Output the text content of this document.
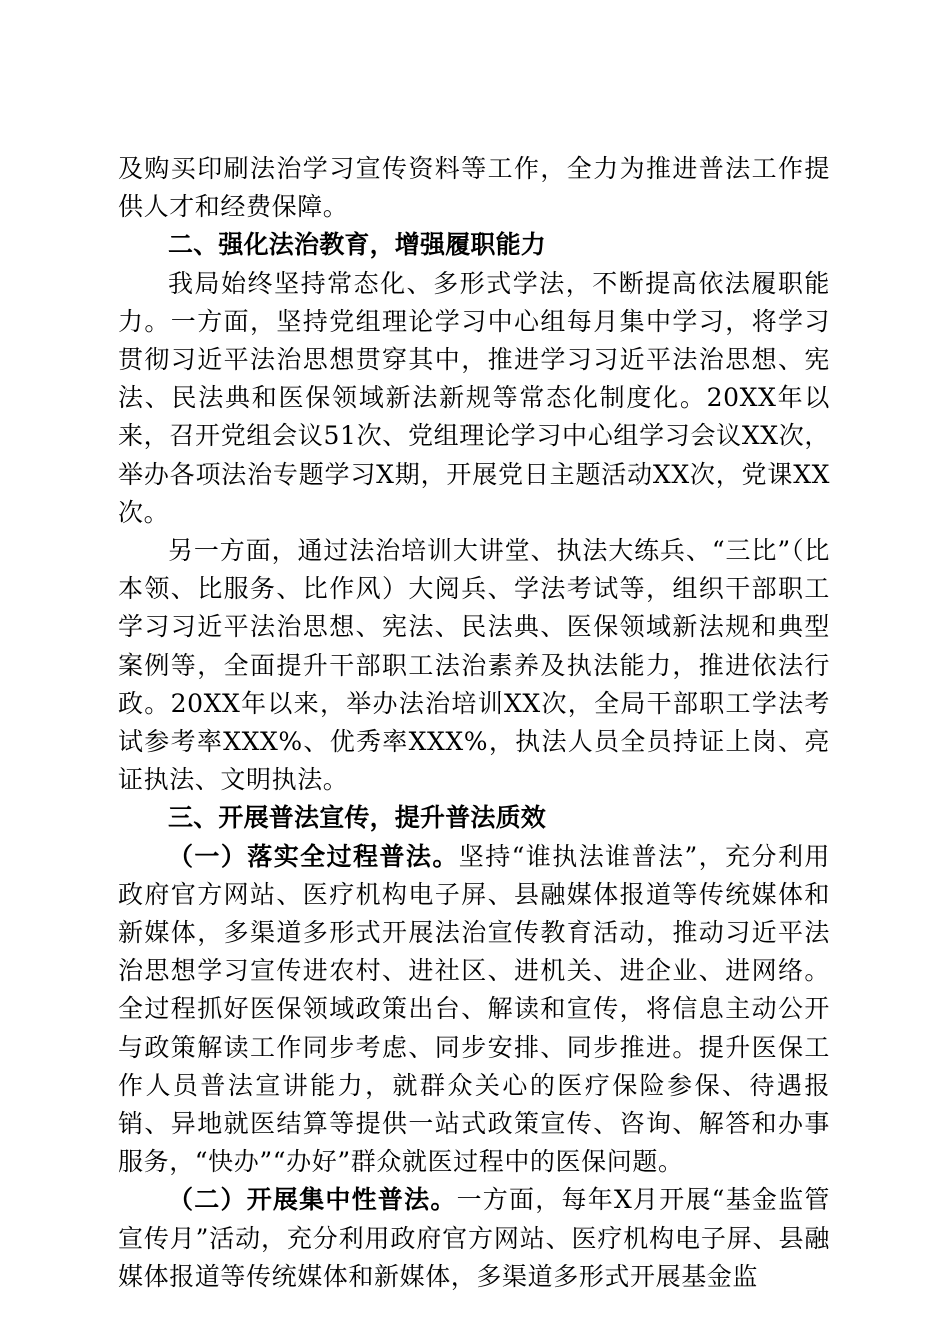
及购买印刷法治学习宣传资料等工作，全力为推进普法工作提供人才和经费保障。

二、强化法治教育，增强履职能力

我局始终坚持常态化、多形式学法，不断提高依法履职能力。一方面，坚持党组理论学习中心组每月集中学习，将学习贯彻习近平法治思想贯穿其中，推进学习习近平法治思想、宪法、民法典和医保领域新法新规等常态化制度化。20XX年以来，召开党组会议51次、党组理论学习中心组学习会议XX次，举办各项法治专题学习X期，开展党日主题活动XX次，党课XX次。

另一方面，通过法治培训大讲堂、执法大练兵、“三比”（比本领、比服务、比作风）大阅兵、学法考试等，组织干部职工学习习近平法治思想、宪法、民法典、医保领域新法规和典型案例等，全面提升干部职工法治素养及执法能力，推进依法行政。20XX年以来，举办法治培训XX次，全局干部职工学法考试参考率XXX%、优秀率XXX%，执法人员全员持证上岗、亮证执法、文明执法。

三、开展普法宣传，提升普法质效

（一）落实全过程普法。坚持“谁执法谁普法”，充分利用政府官方网站、医疗机构电子屏、县融媒体报道等传统媒体和新媒体，多渠道多形式开展法治宣传教育活动，推动习近平法治思想学习宣传进农村、进社区、进机关、进企业、进网络。全过程抓好医保领域政策出台、解读和宣传，将信息主动公开与政策解读工作同步考虑、同步安排、同步推进。提升医保工作人员普法宣讲能力，就群众关心的医疗保险参保、待遇报销、异地就医结算等提供一站式政策宣传、咨询、解答和办事服务，“快办”“办好”群众就医过程中的医保问题。

（二）开展集中性普法。一方面，每年X月开展“基金监管宣传月”活动，充分利用政府官方网站、医疗机构电子屏、县融媒体报道等传统媒体和新媒体，多渠道多形式开展基金监
